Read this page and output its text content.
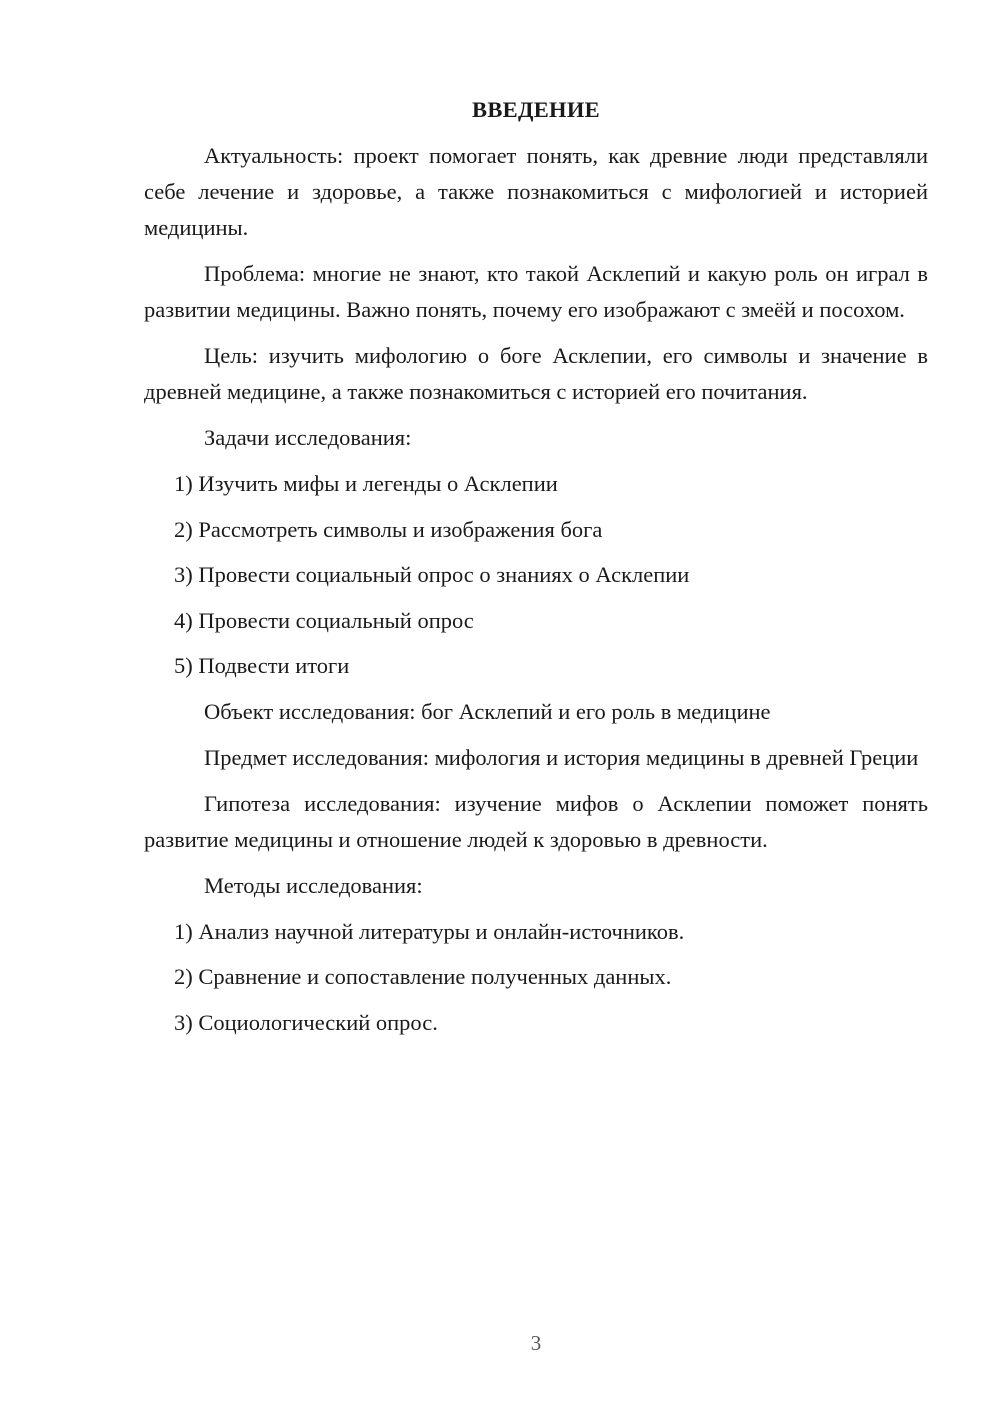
ВВЕДЕНИЕ

Актуальность: проект помогает понять, как древние люди представляли себе лечение и здоровье, а также познакомиться с мифологией и историей медицины.

Проблема: многие не знают, кто такой Асклепий и какую роль он играл в развитии медицины. Важно понять, почему его изображают с змеёй и посохом.

Цель: изучить мифологию о боге Асклепии, его символы и значение в древней медицине, а также познакомиться с историей его почитания.

Задачи исследования:

1) Изучить мифы и легенды о Асклепии

2) Рассмотреть символы и изображения бога

3) Провести социальный опрос о знаниях о Асклепии

4) Провести социальный опрос

5) Подвести итоги

Объект исследования: бог Асклепий и его роль в медицине

Предмет исследования: мифология и история медицины в древней Греции

Гипотеза исследования: изучение мифов о Асклепии поможет понять развитие медицины и отношение людей к здоровью в древности.

Методы исследования:

1) Анализ научной литературы и онлайн-источников.

2) Сравнение и сопоставление полученных данных.

3) Социологический опрос.

3
